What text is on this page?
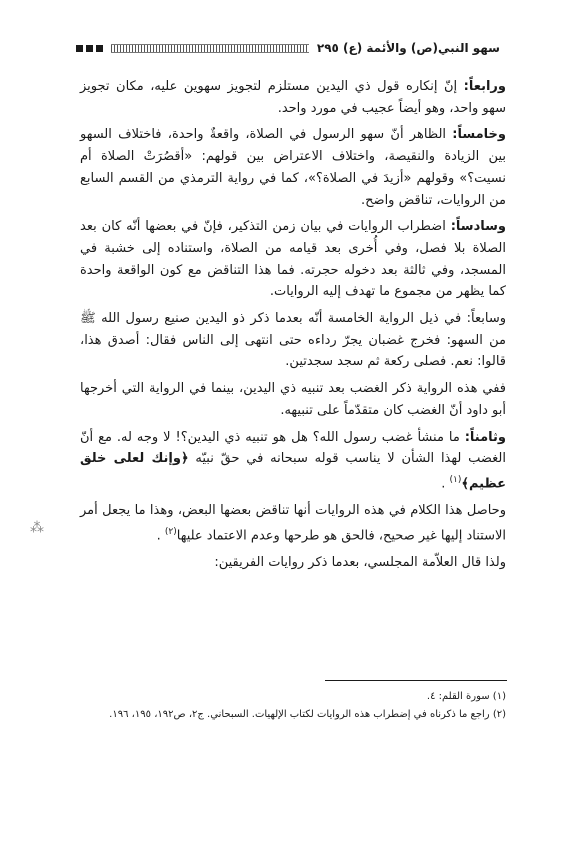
سهو النبي(ص) والأئمة (ع) ٢٩٥

ورابعاً: إنّ إنكاره قول ذي اليدين مستلزم لتجويز سهوين عليه، مكان تجويز سهو واحد، وهو أيضاً عجيب في مورد واحد.

وخامساً: الظاهر أنّ سهو الرسول في الصلاة، واقعةٌ واحدة، فاختلاف السهو بين الزيادة والنقيصة، واختلاف الاعتراض بين قولهم: «أقصُرَتْ الصلاة أم نسيت؟» وقولهم «أزيدَ في الصلاة؟»، كما في رواية الترمذي من القسم السابع من الروايات، تناقض واضح.

وسادساً: اضطراب الروايات في بيان زمن التذكير، فإنّ في بعضها أنّه كان بعد الصلاة بلا فصل، وفي أُخرى بعد قيامه من الصلاة، واستناده إلى خشبة في المسجد، وفي ثالثة بعد دخوله حجرته. فما هذا التناقض مع كون الواقعة واحدة كما يظهر من مجموع ما تهدف إليه الروايات.

وسابعاً: في ذيل الرواية الخامسة أنّه بعدما ذكر ذو اليدين صنيع رسول الله ﷺ من السهو: فخرج غضبان يجرّ رداءه حتى انتهى إلى الناس فقال: أصدق هذا، قالوا: نعم. فصلى ركعة ثم سجد سجدتين.

ففي هذه الرواية ذكر الغضب بعد تنبيه ذي اليدين، بينما في الرواية التي أخرجها أبو داود أنّ الغضب كان متقدّماً على تنبيهه.

وثامناً: ما منشأ غضب رسول الله؟ هل هو تنبيه ذي اليدين؟! لا وجه له. مع أنّ الغضب لهذا الشأن لا يناسب قوله سبحانه في حقّ نبيّه ﴿وإنك لعلى خلق عظيم﴾$^{(١)}$ .

وحاصل هذا الكلام في هذه الروايات أنها تناقض بعضها البعض، وهذا ما يجعل أمر الاستناد إليها غير صحيح، فالحق هو طرحها وعدم الاعتماد عليها$^{(٢)}$ .

ولذا قال العلاّمة المجلسي، بعدما ذكر روايات الفريقين:

⁂

(١) سورة القلم: ٤.

(٢) راجع ما ذكرناه في إضطراب هذه الروايات لكتاب الإلهيات. السبحاني. ج٢، ص١٩٢، ١٩٥، ١٩٦.
